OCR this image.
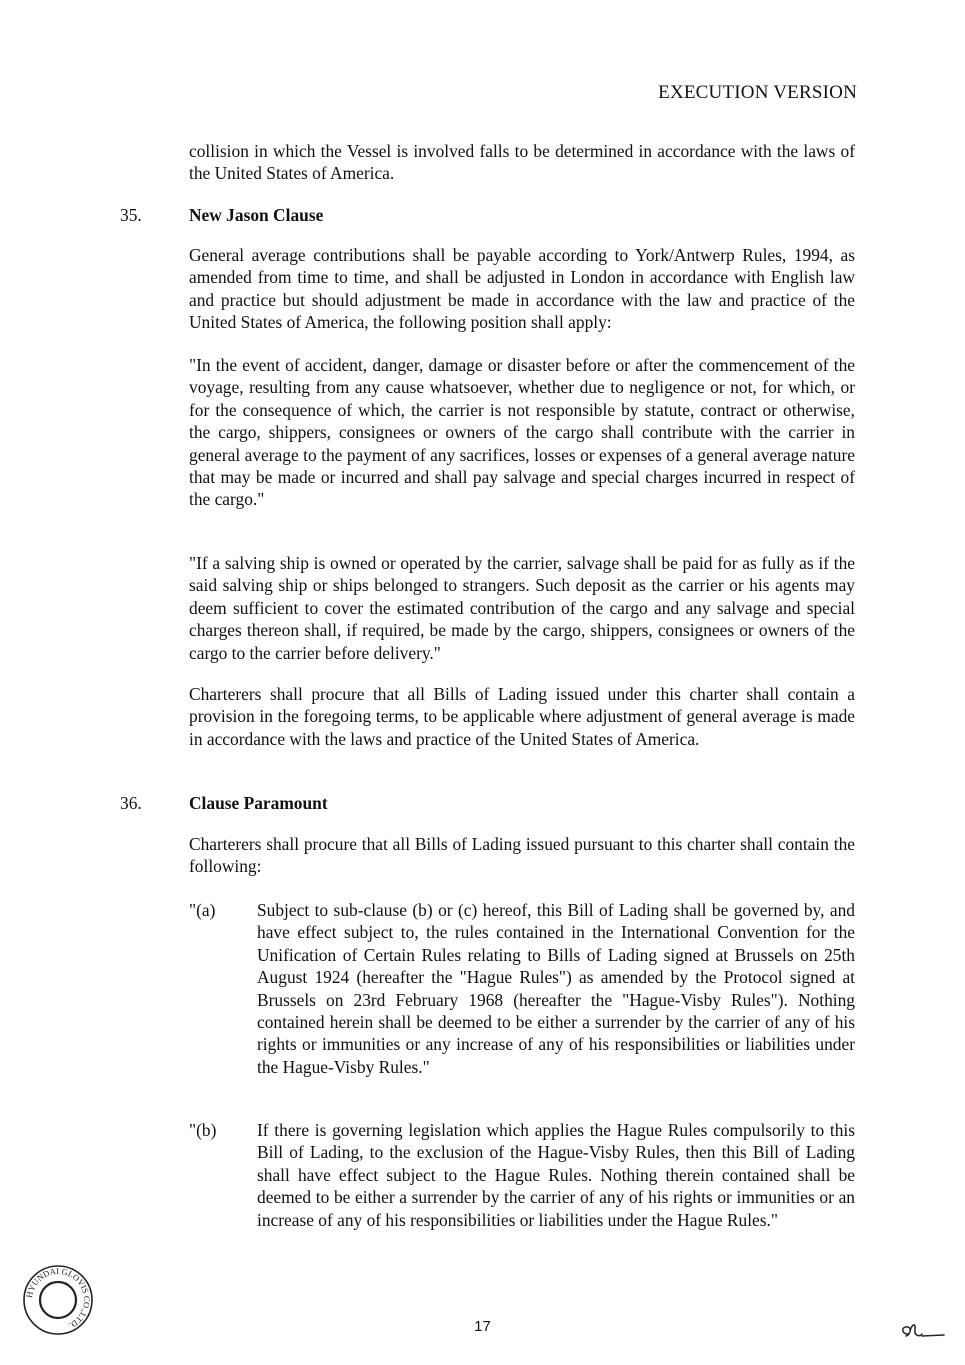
EXECUTION VERSION

collision in which the Vessel is involved falls to be determined in accordance with the laws of the United States of America.

35.	New Jason Clause

General average contributions shall be payable according to York/Antwerp Rules, 1994, as amended from time to time, and shall be adjusted in London in accordance with English law and practice but should adjustment be made in accordance with the law and practice of the United States of America, the following position shall apply:

"In the event of accident, danger, damage or disaster before or after the commencement of the voyage, resulting from any cause whatsoever, whether due to negligence or not, for which, or for the consequence of which, the carrier is not responsible by statute, contract or otherwise, the cargo, shippers, consignees or owners of the cargo shall contribute with the carrier in general average to the payment of any sacrifices, losses or expenses of a general average nature that may be made or incurred and shall pay salvage and special charges incurred in respect of the cargo."

"If a salving ship is owned or operated by the carrier, salvage shall be paid for as fully as if the said salving ship or ships belonged to strangers. Such deposit as the carrier or his agents may deem sufficient to cover the estimated contribution of the cargo and any salvage and special charges thereon shall, if required, be made by the cargo, shippers, consignees or owners of the cargo to the carrier before delivery."

Charterers shall procure that all Bills of Lading issued under this charter shall contain a provision in the foregoing terms, to be applicable where adjustment of general average is made in accordance with the laws and practice of the United States of America.

36.	Clause Paramount

Charterers shall procure that all Bills of Lading issued pursuant to this charter shall contain the following:

"(a) Subject to sub-clause (b) or (c) hereof, this Bill of Lading shall be governed by, and have effect subject to, the rules contained in the International Convention for the Unification of Certain Rules relating to Bills of Lading signed at Brussels on 25th August 1924 (hereafter the "Hague Rules") as amended by the Protocol signed at Brussels on 23rd February 1968 (hereafter the "Hague-Visby Rules"). Nothing contained herein shall be deemed to be either a surrender by the carrier of any of his rights or immunities or any increase of any of his responsibilities or liabilities under the Hague-Visby Rules."

"(b) If there is governing legislation which applies the Hague Rules compulsorily to this Bill of Lading, to the exclusion of the Hague-Visby Rules, then this Bill of Lading shall have effect subject to the Hague Rules. Nothing therein contained shall be deemed to be either a surrender by the carrier of any of his rights or immunities or an increase of any of his responsibilities or liabilities under the Hague Rules."

HYUNDAI GLOVIS CO.,LTD.	17
